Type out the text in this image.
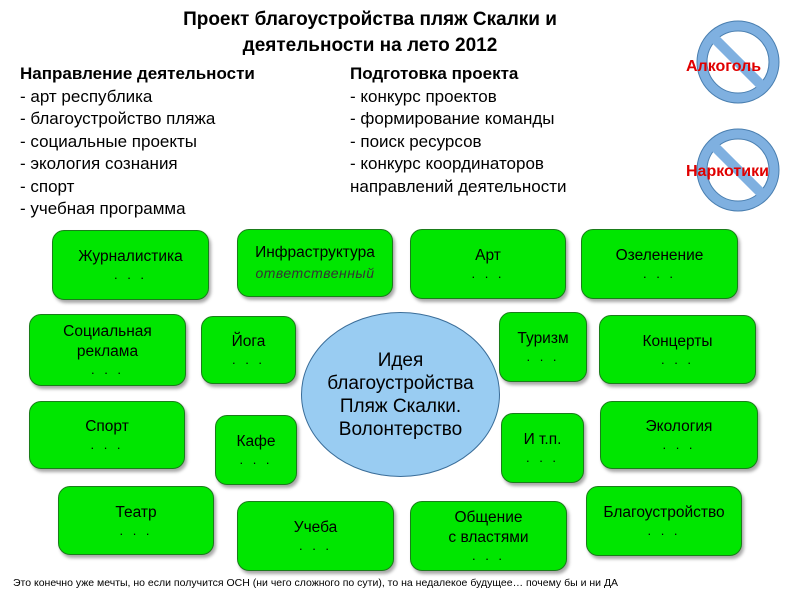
Проект благоустройства пляж Скалки и
деятельности на лето 2012
Направление деятельности
- арт республика
- благоустройство пляжа
- социальные проекты
- экология сознания
- спорт
- учебная программа
Подготовка проекта
- конкурс проектов
- формирование команды
- поиск ресурсов
- конкурс координаторов
направлений деятельности
Алкоголь
Наркотики
Идея
благоустройства
Пляж Скалки.
Волонтерство
Журналистика
. . .
Инфраструктура
ответственный
Арт
. . .
Озеленение
. . .
Социальная
реклама
. . .
Йога
. . .
Туризм
. . .
Концерты
. . .
Спорт
. . .	Кафе
. . .
И т.п.
. . .
Экология
. . .
Театр
. . .	Учеба
. . .
Общение
с властями
. . .
Благоустройство
. . .
Это конечно уже мечты, но если получится ОСН (ни чего сложного по сути), то на недалекое будущее… почему бы и ни ДА
